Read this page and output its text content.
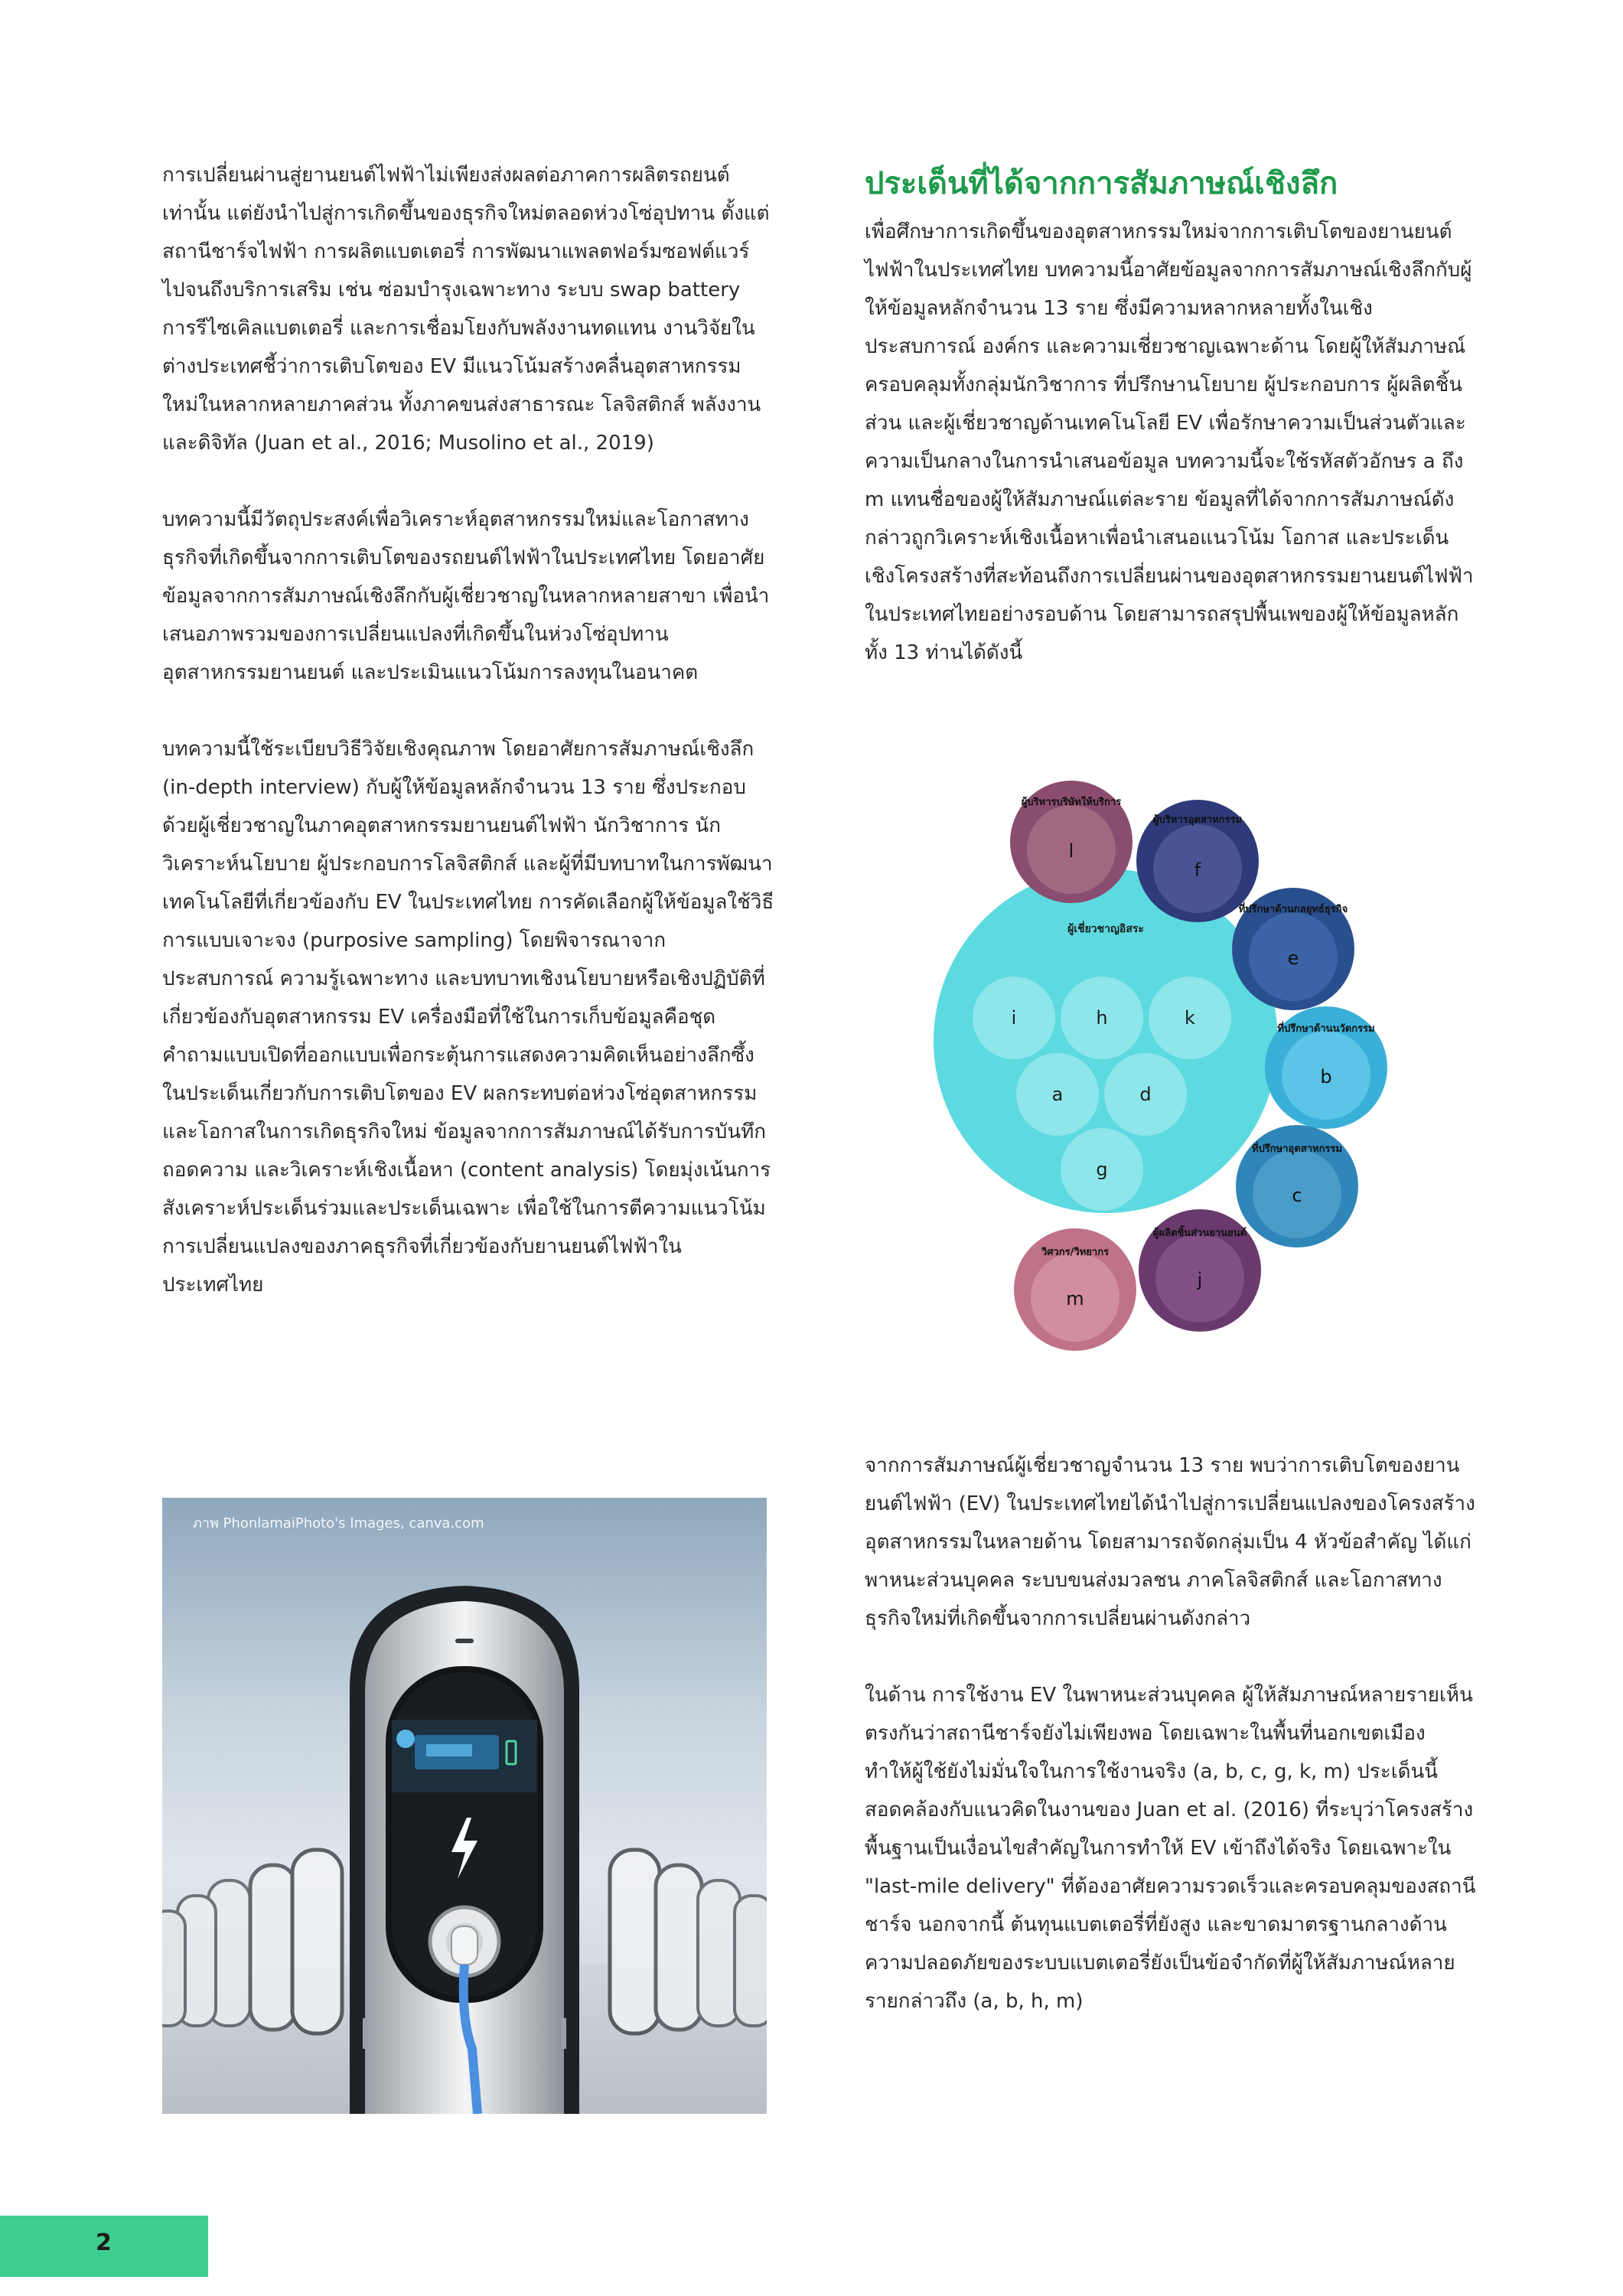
การเปลี่ยนผ่านสู่ยานยนต์ไฟฟ้าไม่เพียงส่งผลต่อภาคการผลิตรถยนต์เท่านั้น แต่ยังนำไปสู่การเกิดขึ้นของธุรกิจใหม่ตลอดห่วงโซ่อุปทาน ตั้งแต่สถานีชาร์จไฟฟ้า การผลิตแบตเตอรี่ การพัฒนาแพลตฟอร์มซอฟต์แวร์ ไปจนถึงบริการเสริม เช่น ซ่อมบำรุงเฉพาะทาง ระบบ swap battery การรีไซเคิลแบตเตอรี่ และการเชื่อมโยงกับพลังงานทดแทน งานวิจัยในต่างประเทศชี้ว่าการเติบโตของ EV มีแนวโน้มสร้างคลื่นอุตสาหกรรมใหม่ในหลากหลายภาคส่วน ทั้งภาคขนส่งสาธารณะ โลจิสติกส์ พลังงาน และดิจิทัล (Juan et al., 2016; Musolino et al., 2019)

บทความนี้มีวัตถุประสงค์เพื่อวิเคราะห์อุตสาหกรรมใหม่และโอกาสทางธุรกิจที่เกิดขึ้นจากการเติบโตของรถยนต์ไฟฟ้าในประเทศไทย โดยอาศัยข้อมูลจากการสัมภาษณ์เชิงลึกกับผู้เชี่ยวชาญในหลากหลายสาขา เพื่อนำเสนอภาพรวมของการเปลี่ยนแปลงที่เกิดขึ้นในห่วงโซ่อุปทานอุตสาหกรรมยานยนต์ และประเมินแนวโน้มการลงทุนในอนาคต

บทความนี้ใช้ระเบียบวิธีวิจัยเชิงคุณภาพ โดยอาศัยการสัมภาษณ์เชิงลึก (in-depth interview) กับผู้ให้ข้อมูลหลักจำนวน 13 ราย ซึ่งประกอบด้วยผู้เชี่ยวชาญในภาคอุตสาหกรรมยานยนต์ไฟฟ้า นักวิชาการ นักวิเคราะห์นโยบาย ผู้ประกอบการโลจิสติกส์ และผู้ที่มีบทบาทในการพัฒนาเทคโนโลยีที่เกี่ยวข้องกับ EV ในประเทศไทย การคัดเลือกผู้ให้ข้อมูลใช้วิธีการแบบเจาะจง (purposive sampling) โดยพิจารณาจากประสบการณ์ ความรู้เฉพาะทาง และบทบาทเชิงนโยบายหรือเชิงปฏิบัติที่เกี่ยวข้องกับอุตสาหกรรม EV เครื่องมือที่ใช้ในการเก็บข้อมูลคือชุดคำถามแบบเปิดที่ออกแบบเพื่อกระตุ้นการแสดงความคิดเห็นอย่างลึกซึ้งในประเด็นเกี่ยวกับการเติบโตของ EV ผลกระทบต่อห่วงโซ่อุตสาหกรรม และโอกาสในการเกิดธุรกิจใหม่ ข้อมูลจากการสัมภาษณ์ได้รับการบันทึก ถอดความ และวิเคราะห์เชิงเนื้อหา (content analysis) โดยมุ่งเน้นการสังเคราะห์ประเด็นร่วมและประเด็นเฉพาะ เพื่อใช้ในการตีความแนวโน้มการเปลี่ยนแปลงของภาคธุรกิจที่เกี่ยวข้องกับยานยนต์ไฟฟ้าในประเทศไทย

ภาพ PhonlamaiPhoto's Images, canva.com
ประเด็นที่ได้จากการสัมภาษณ์เชิงลึก

เพื่อศึกษาการเกิดขึ้นของอุตสาหกรรมใหม่จากการเติบโตของยานยนต์ไฟฟ้าในประเทศไทย บทความนี้อาศัยข้อมูลจากการสัมภาษณ์เชิงลึกกับผู้ให้ข้อมูลหลักจำนวน 13 ราย ซึ่งมีความหลากหลายทั้งในเชิงประสบการณ์ องค์กร และความเชี่ยวชาญเฉพาะด้าน โดยผู้ให้สัมภาษณ์ครอบคลุมทั้งกลุ่มนักวิชาการ ที่ปรึกษานโยบาย ผู้ประกอบการ ผู้ผลิตชิ้นส่วน และผู้เชี่ยวชาญด้านเทคโนโลยี EV เพื่อรักษาความเป็นส่วนตัวและความเป็นกลางในการนำเสนอข้อมูล บทความนี้จะใช้รหัสตัวอักษร a ถึง m แทนชื่อของผู้ให้สัมภาษณ์แต่ละราย ข้อมูลที่ได้จากการสัมภาษณ์ดังกล่าวถูกวิเคราะห์เชิงเนื้อหาเพื่อนำเสนอแนวโน้ม โอกาส และประเด็นเชิงโครงสร้างที่สะท้อนถึงการเปลี่ยนผ่านของอุตสาหกรรมยานยนต์ไฟฟ้าในประเทศไทยอย่างรอบด้าน โดยสามารถสรุปพื้นเพของผู้ให้ข้อมูลหลักทั้ง 13 ท่านได้ดังนี้

ผู้เชี่ยวชาญอิสระ
i	h	k
a	d
g
ผู้บริหารบริษัทให้บริการ
l
ผู้บริหารอุตสาหกรรม
f
ที่ปรึกษาด้านกลยุทธ์ธุรกิจ
e
ที่ปรึกษาด้านนวัตกรรม
b
ที่ปรึกษาอุตสาหกรรม
c
ผู้ผลิตชิ้นส่วนยานยนต์
j
วิศวกร/วิทยากร
m

จากการสัมภาษณ์ผู้เชี่ยวชาญจำนวน 13 ราย พบว่าการเติบโตของยานยนต์ไฟฟ้า (EV) ในประเทศไทยได้นำไปสู่การเปลี่ยนแปลงของโครงสร้างอุตสาหกรรมในหลายด้าน โดยสามารถจัดกลุ่มเป็น 4 หัวข้อสำคัญ ได้แก่ พาหนะส่วนบุคคล ระบบขนส่งมวลชน ภาคโลจิสติกส์ และโอกาสทางธุรกิจใหม่ที่เกิดขึ้นจากการเปลี่ยนผ่านดังกล่าว

ในด้าน การใช้งาน EV ในพาหนะส่วนบุคคล ผู้ให้สัมภาษณ์หลายรายเห็นตรงกันว่าสถานีชาร์จยังไม่เพียงพอ โดยเฉพาะในพื้นที่นอกเขตเมือง ทำให้ผู้ใช้ยังไม่มั่นใจในการใช้งานจริง (a, b, c, g, k, m) ประเด็นนี้สอดคล้องกับแนวคิดในงานของ Juan et al. (2016) ที่ระบุว่าโครงสร้างพื้นฐานเป็นเงื่อนไขสำคัญในการทำให้ EV เข้าถึงได้จริง โดยเฉพาะใน "last-mile delivery" ที่ต้องอาศัยความรวดเร็วและครอบคลุมของสถานีชาร์จ นอกจากนี้ ต้นทุนแบตเตอรี่ที่ยังสูง และขาดมาตรฐานกลางด้านความปลอดภัยของระบบแบตเตอรี่ยังเป็นข้อจำกัดที่ผู้ให้สัมภาษณ์หลายรายกล่าวถึง (a, b, h, m)

2
